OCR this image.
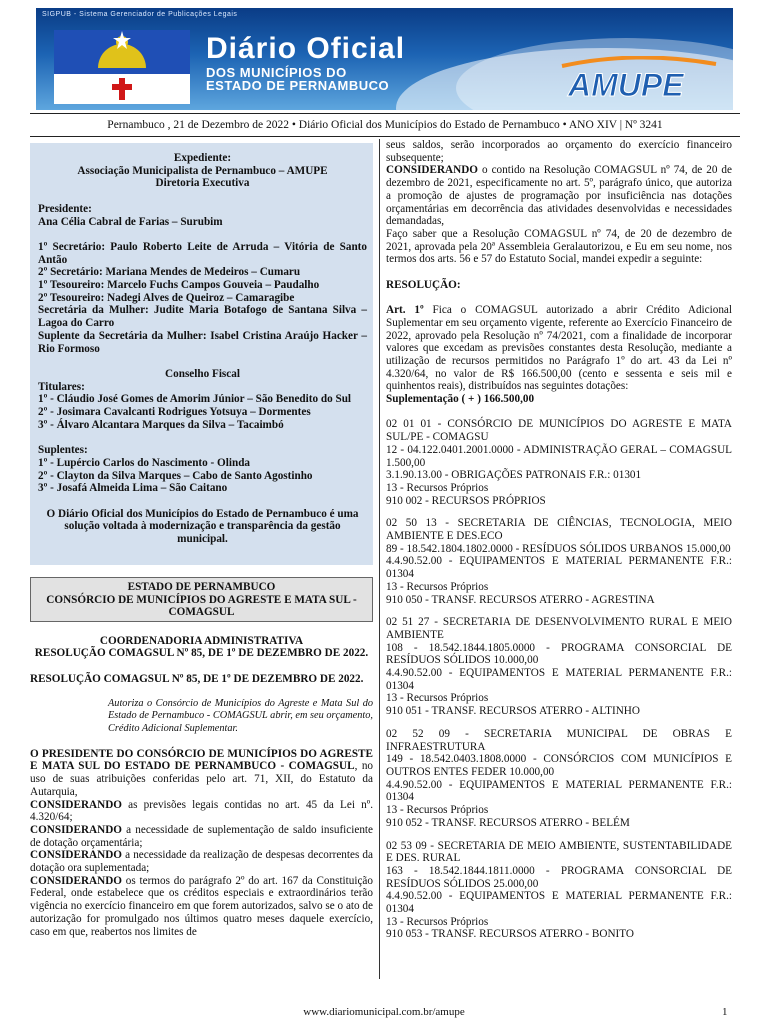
SIGPUB - Sistema Gerenciador de Publicações Legais
Diário Oficial
DOS MUNICÍPIOS DO
ESTADO DE PERNAMBUCO	AMUPE
Pernambuco , 21 de Dezembro de 2022 • Diário Oficial dos Municípios do Estado de Pernambuco • ANO XIV | Nº 3241

Expediente:

Associação Municipalista de Pernambuco – AMUPE

Diretoria Executiva

Presidente:

Ana Célia Cabral de Farias – Surubim

1º Secretário: Paulo Roberto Leite de Arruda – Vitória de Santo Antão

2º Secretário: Mariana Mendes de Medeiros – Cumaru

1º Tesoureiro: Marcelo Fuchs Campos Gouveia – Paudalho

2º Tesoureiro: Nadegi Alves de Queiroz – Camaragibe

Secretária da Mulher: Judite Maria Botafogo de Santana Silva – Lagoa do Carro

Suplente da Secretária da Mulher: Isabel Cristina Araújo Hacker – Rio Formoso

Conselho Fiscal

Titulares:

1º - Cláudio José Gomes de Amorim Júnior – São Benedito do Sul

2º - Josimara Cavalcanti Rodrigues Yotsuya – Dormentes

3º - Álvaro Alcantara Marques da Silva – Tacaimbó

Suplentes:

1º - Lupércio Carlos do Nascimento - Olinda

2º - Clayton da Silva Marques – Cabo de Santo Agostinho

3º - Josafá Almeida Lima – São Caitano

O Diário Oficial dos Municípios do Estado de Pernambuco é uma solução voltada à modernização e transparência da gestão municipal.

ESTADO DE PERNAMBUCO
CONSÓRCIO DE MUNICÍPIOS DO AGRESTE E MATA SUL - COMAGSUL
COORDENADORIA ADMINISTRATIVA
RESOLUÇÃO COMAGSUL Nº 85, DE 1º DE DEZEMBRO DE 2022.
RESOLUÇÃO COMAGSUL Nº 85, DE 1º DE DEZEMBRO DE 2022.
Autoriza o Consórcio de Municípios do Agreste e Mata Sul do Estado de Pernambuco - COMAGSUL abrir, em seu orçamento, Crédito Adicional Suplementar.
O PRESIDENTE DO CONSÓRCIO DE MUNICÍPIOS DO AGRESTE E MATA SUL DO ESTADO DE PERNAMBUCO - COMAGSUL, no uso de suas atribuições conferidas pelo art. 71, XII, do Estatuto da Autarquia,
CONSIDERANDO as previsões legais contidas no art. 45 da Lei nº. 4.320/64;
CONSIDERANDO a necessidade de suplementação de saldo insuficiente de dotação orçamentária;
CONSIDERANDO a necessidade da realização de despesas decorrentes da dotação ora suplementada;
CONSIDERANDO os termos do parágrafo 2º do art. 167 da Constituição Federal, onde estabelece que os créditos especiais e extraordinários terão vigência no exercício financeiro em que forem autorizados, salvo se o ato de autorização for promulgado nos últimos quatro meses daquele exercício, caso em que, reabertos nos limites de
seus saldos, serão incorporados ao orçamento do exercício financeiro subsequente;
CONSIDERANDO o contido na Resolução COMAGSUL nº 74, de 20 de dezembro de 2021, especificamente no art. 5º, parágrafo único, que autoriza a promoção de ajustes de programação por insuficiência nas dotações orçamentárias em decorrência das atividades desenvolvidas e necessidades demandadas,
Faço saber que a Resolução COMAGSUL nº 74, de 20 de dezembro de 2021, aprovada pela 20ª Assembleia Geralautorizou, e Eu em seu nome, nos termos dos arts. 56 e 57 do Estatuto Social, mandei expedir a seguinte:
RESOLUÇÃO:
Art. 1º Fica o COMAGSUL autorizado a abrir Crédito Adicional Suplementar em seu orçamento vigente, referente ao Exercício Financeiro de 2022, aprovado pela Resolução nº 74/2021, com a finalidade de incorporar valores que excedam as previsões constantes desta Resolução, mediante a utilização de recursos permitidos no Parágrafo 1º do art. 43 da Lei nº 4.320/64, no valor de R$ 166.500,00 (cento e sessenta e seis mil e quinhentos reais), distribuídos nas seguintes dotações:
Suplementação ( + ) 166.500,00
02 01 01 - CONSÓRCIO DE MUNICÍPIOS DO AGRESTE E MATA SUL/PE - COMAGSU
12 - 04.122.0401.2001.0000 - ADMINISTRAÇÃO GERAL – COMAGSUL 1.500,00
3.1.90.13.00 - OBRIGAÇÕES PATRONAIS F.R.: 01301
13 - Recursos Próprios
910 002 - RECURSOS PRÓPRIOS
02 50 13 - SECRETARIA DE CIÊNCIAS, TECNOLOGIA, MEIO AMBIENTE E DES.ECO
89 - 18.542.1804.1802.0000 - RESÍDUOS SÓLIDOS URBANOS 15.000,00
4.4.90.52.00 - EQUIPAMENTOS E MATERIAL PERMANENTE F.R.: 01304
13 - Recursos Próprios
910 050 - TRANSF. RECURSOS ATERRO - AGRESTINA
02 51 27 - SECRETARIA DE DESENVOLVIMENTO RURAL E MEIO AMBIENTE
108 - 18.542.1844.1805.0000 - PROGRAMA CONSORCIAL DE RESÍDUOS SÓLIDOS 10.000,00
4.4.90.52.00 - EQUIPAMENTOS E MATERIAL PERMANENTE F.R.: 01304
13 - Recursos Próprios
910 051 - TRANSF. RECURSOS ATERRO - ALTINHO
02 52 09 - SECRETARIA MUNICIPAL DE OBRAS E INFRAESTRUTURA
149 - 18.542.0403.1808.0000 - CONSÓRCIOS COM MUNICÍPIOS E OUTROS ENTES FEDER 10.000,00
4.4.90.52.00 - EQUIPAMENTOS E MATERIAL PERMANENTE F.R.: 01304
13 - Recursos Próprios
910 052 - TRANSF. RECURSOS ATERRO - BELÉM
02 53 09 - SECRETARIA DE MEIO AMBIENTE, SUSTENTABILIDADE E DES. RURAL
163 - 18.542.1844.1811.0000 - PROGRAMA CONSORCIAL DE RESÍDUOS SÓLIDOS 25.000,00
4.4.90.52.00 - EQUIPAMENTOS E MATERIAL PERMANENTE F.R.: 01304
13 - Recursos Próprios
910 053 - TRANSF. RECURSOS ATERRO - BONITO
www.diariomunicipal.com.br/amupe	1
